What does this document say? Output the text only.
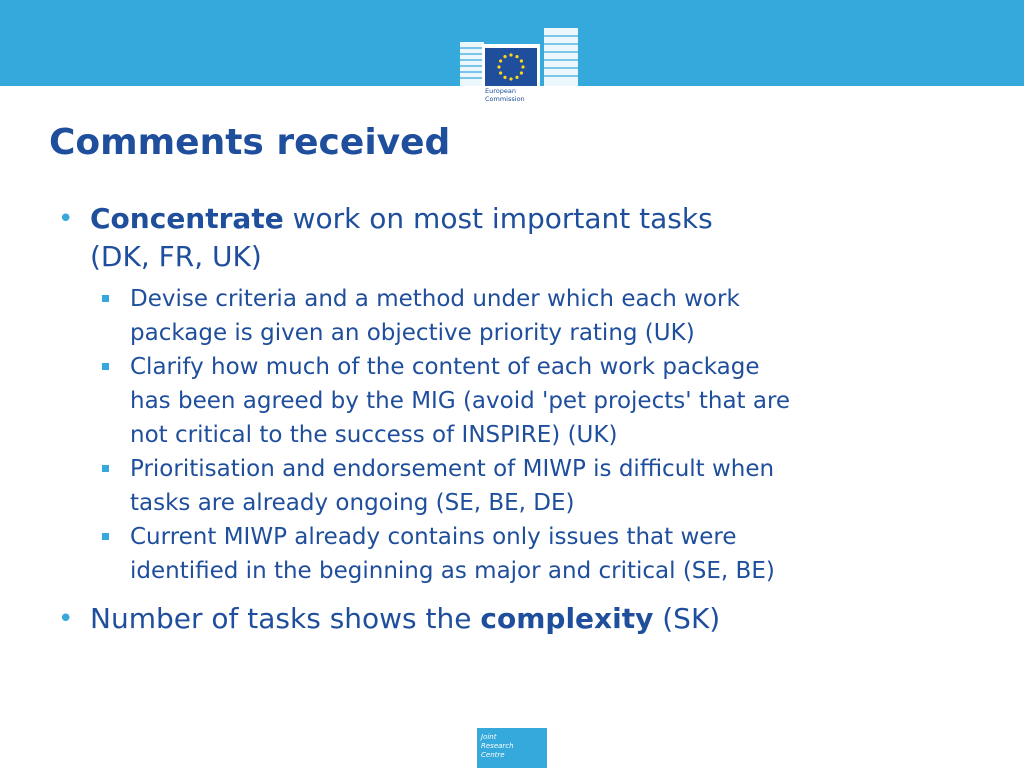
European
Commission
Comments received
• Concentrate work on most important tasks
(DK, FR, UK)
Devise criteria and a method under which each work
package is given an objective priority rating (UK)
Clarify how much of the content of each work package
has been agreed by the MIG (avoid 'pet projects' that are
not critical to the success of INSPIRE) (UK)
Prioritisation and endorsement of MIWP is difficult when
tasks are already ongoing (SE, BE, DE)
Current MIWP already contains only issues that were
identified in the beginning as major and critical (SE, BE)
• Number of tasks shows the complexity (SK)
Joint
Research
Centre
